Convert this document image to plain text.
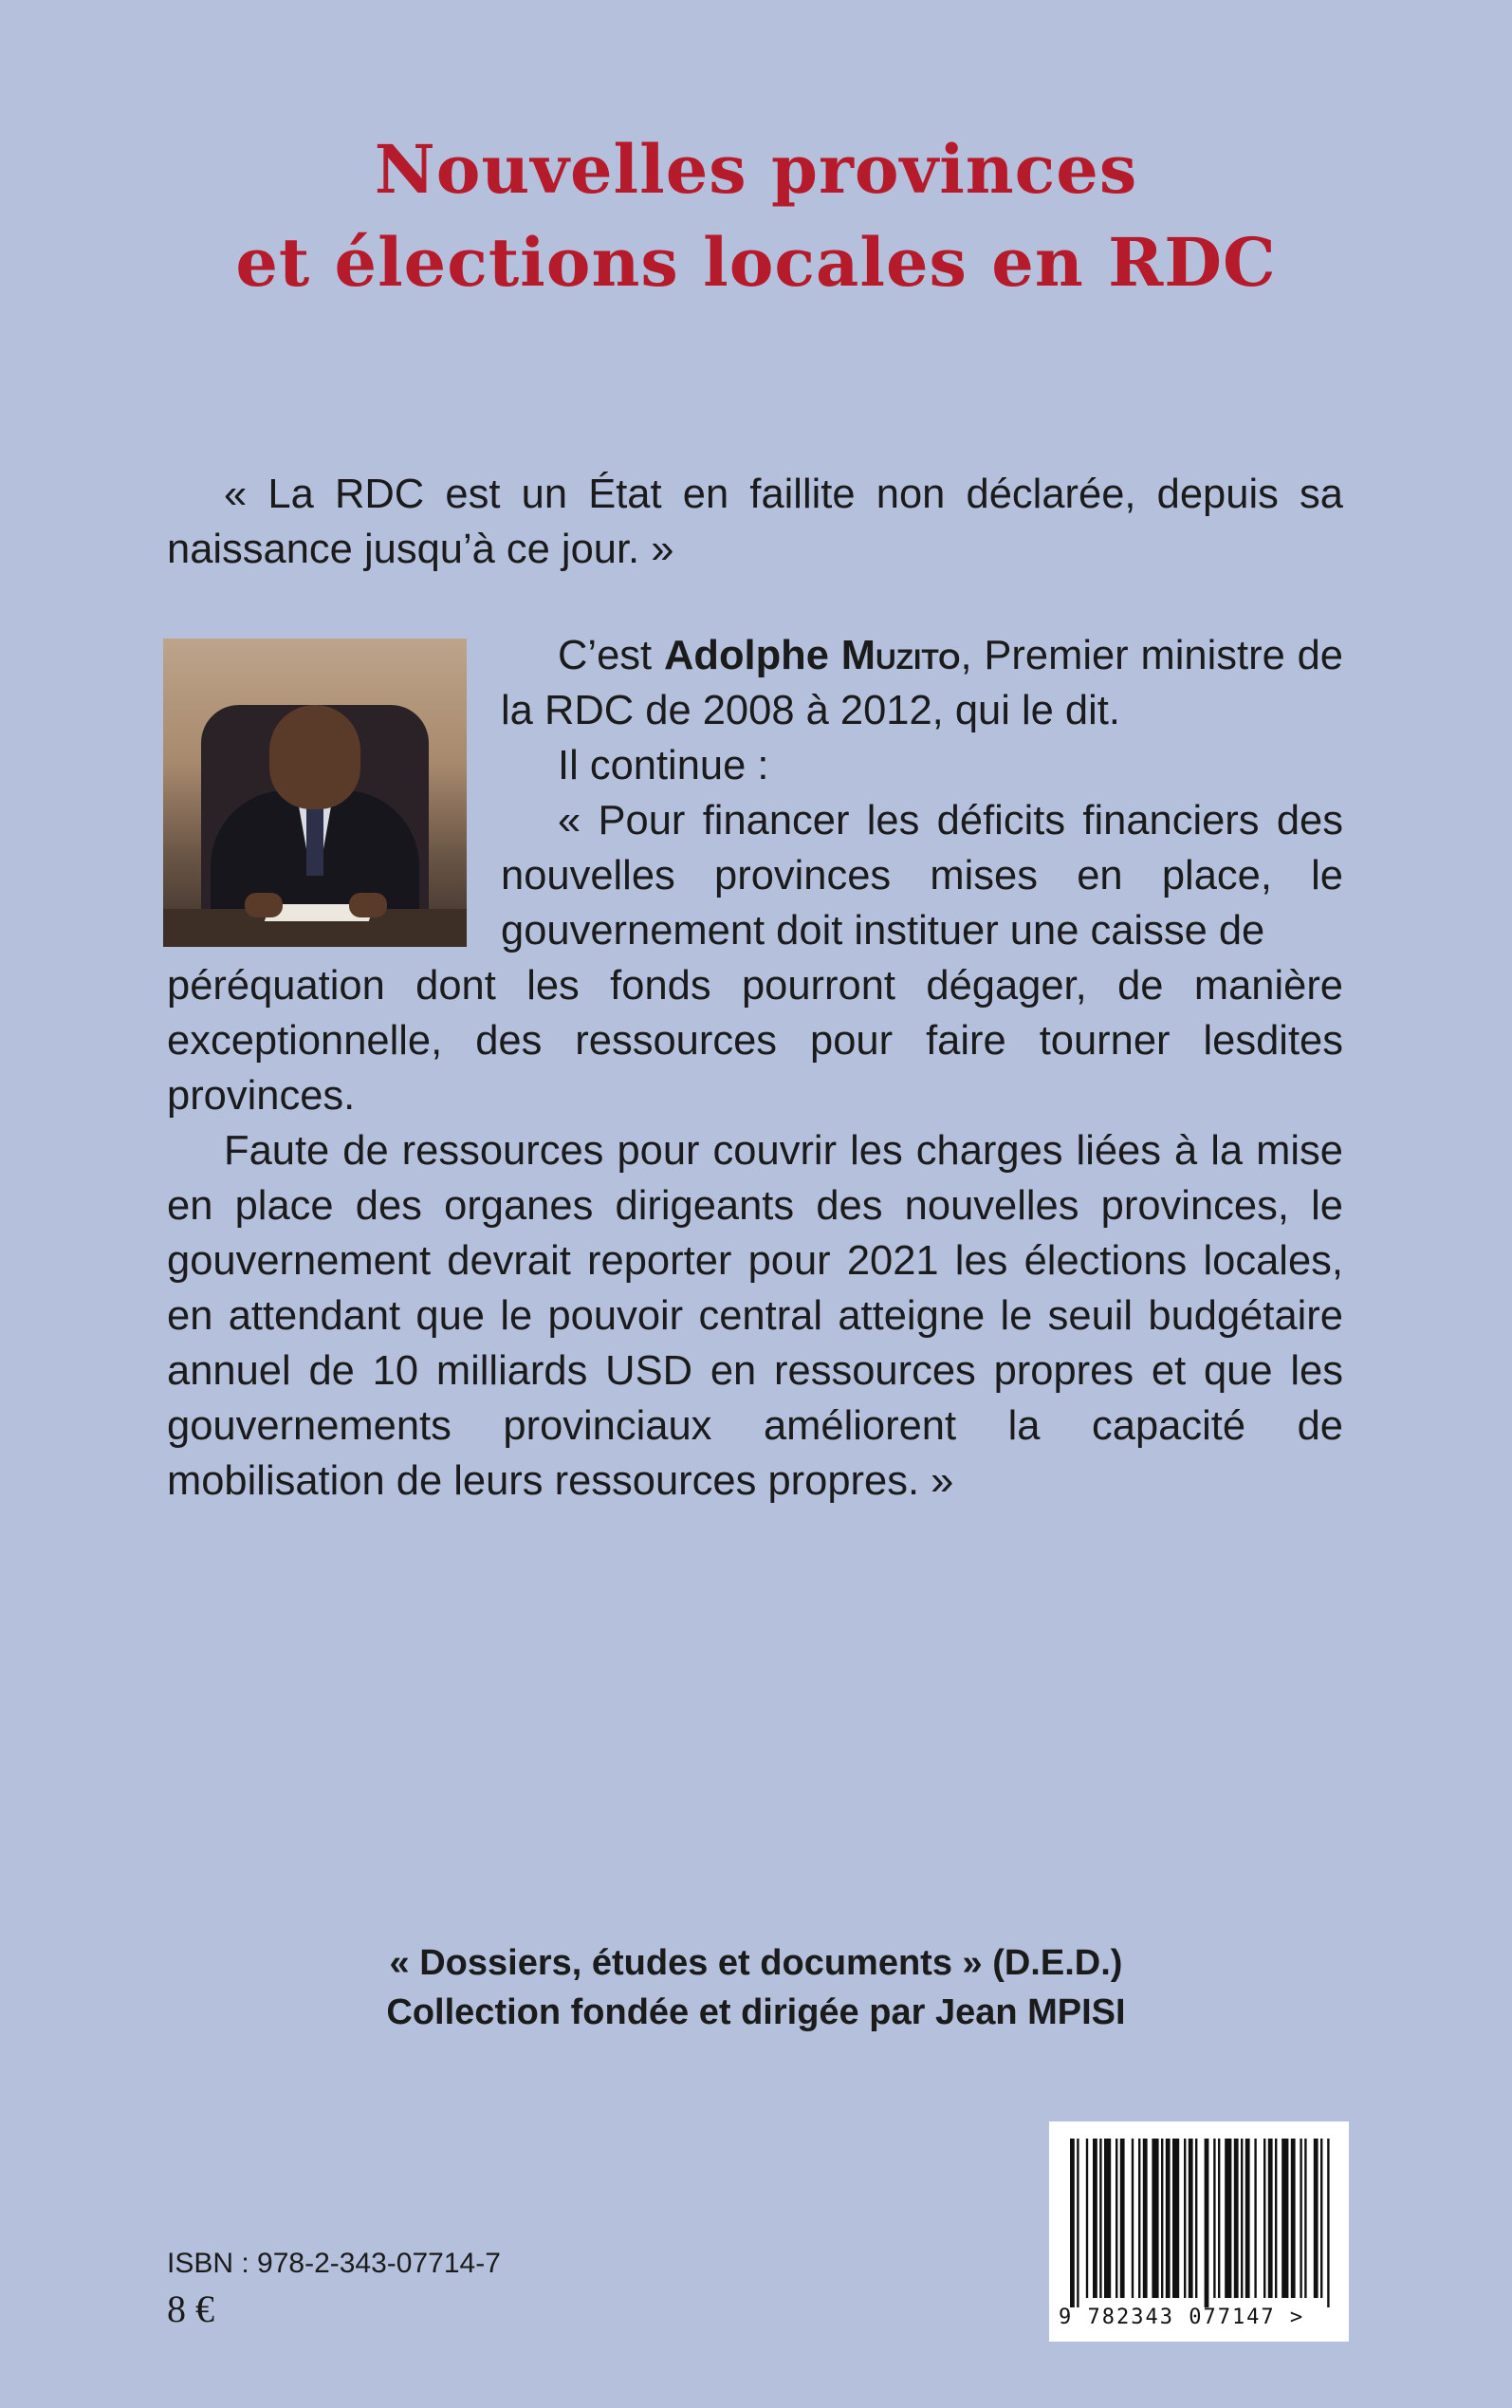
Nouvelles provinces
et élections locales en RDC
« La RDC est un État en faillite non déclarée, depuis sa naissance jusqu’à ce jour. »

C’est Adolphe Muzito, Premier ministre de la RDC de 2008 à 2012, qui le dit.

Il continue :

« Pour financer les déficits financiers des nouvelles provinces mises en place, le gouvernement doit instituer une caisse de

péréquation dont les fonds pourront dégager, de manière exceptionnelle, des ressources pour faire tourner lesdites provinces.

Faute de ressources pour couvrir les charges liées à la mise en place des organes dirigeants des nouvelles provinces, le gouvernement devrait reporter pour 2021 les élections locales, en attendant que le pouvoir central atteigne le seuil budgétaire annuel de 10 milliards USD en ressources propres et que les gouvernements provinciaux améliorent la capacité de mobilisation de leurs ressources propres. »

« Dossiers, études et documents » (D.E.D.)
Collection fondée et dirigée par Jean MPISI
ISBN : 978-2-343-07714-7
8 €	9 782343 077147 >
